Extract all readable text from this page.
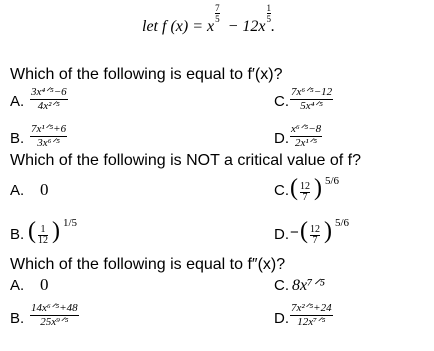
let f (x) = x
$\frac{7}{5}$
− 12x
$\frac{1}{5}$
.
Which of the following is equal to f′(x)?
A.
3x⁴ᐟ⁵−6
4x²ᐟ⁵	C.
7x⁶ᐟ⁵−12
5x⁴ᐟ⁵
B.
7x¹ᐟ⁵+6
3x⁶ᐟ⁵	D.
x⁶ᐟ⁵−8
2x¹ᐟ⁵
Which of the following is NOT a critical value of f?
A. 0	C. ( $\frac{12}{7}$ ) 5/6
B. ( $\frac{1}{12}$ ) 1/5
D. − ( $\frac{12}{7}$ ) 5/6
Which of the following is equal to f″(x)?
A. 0	C. 8x⁷ᐟ⁵
B.
14x⁶ᐟ⁵+48
25x⁹ᐟ⁵	D.
7x²ᐟ⁵+24
12x⁷ᐟ⁵
